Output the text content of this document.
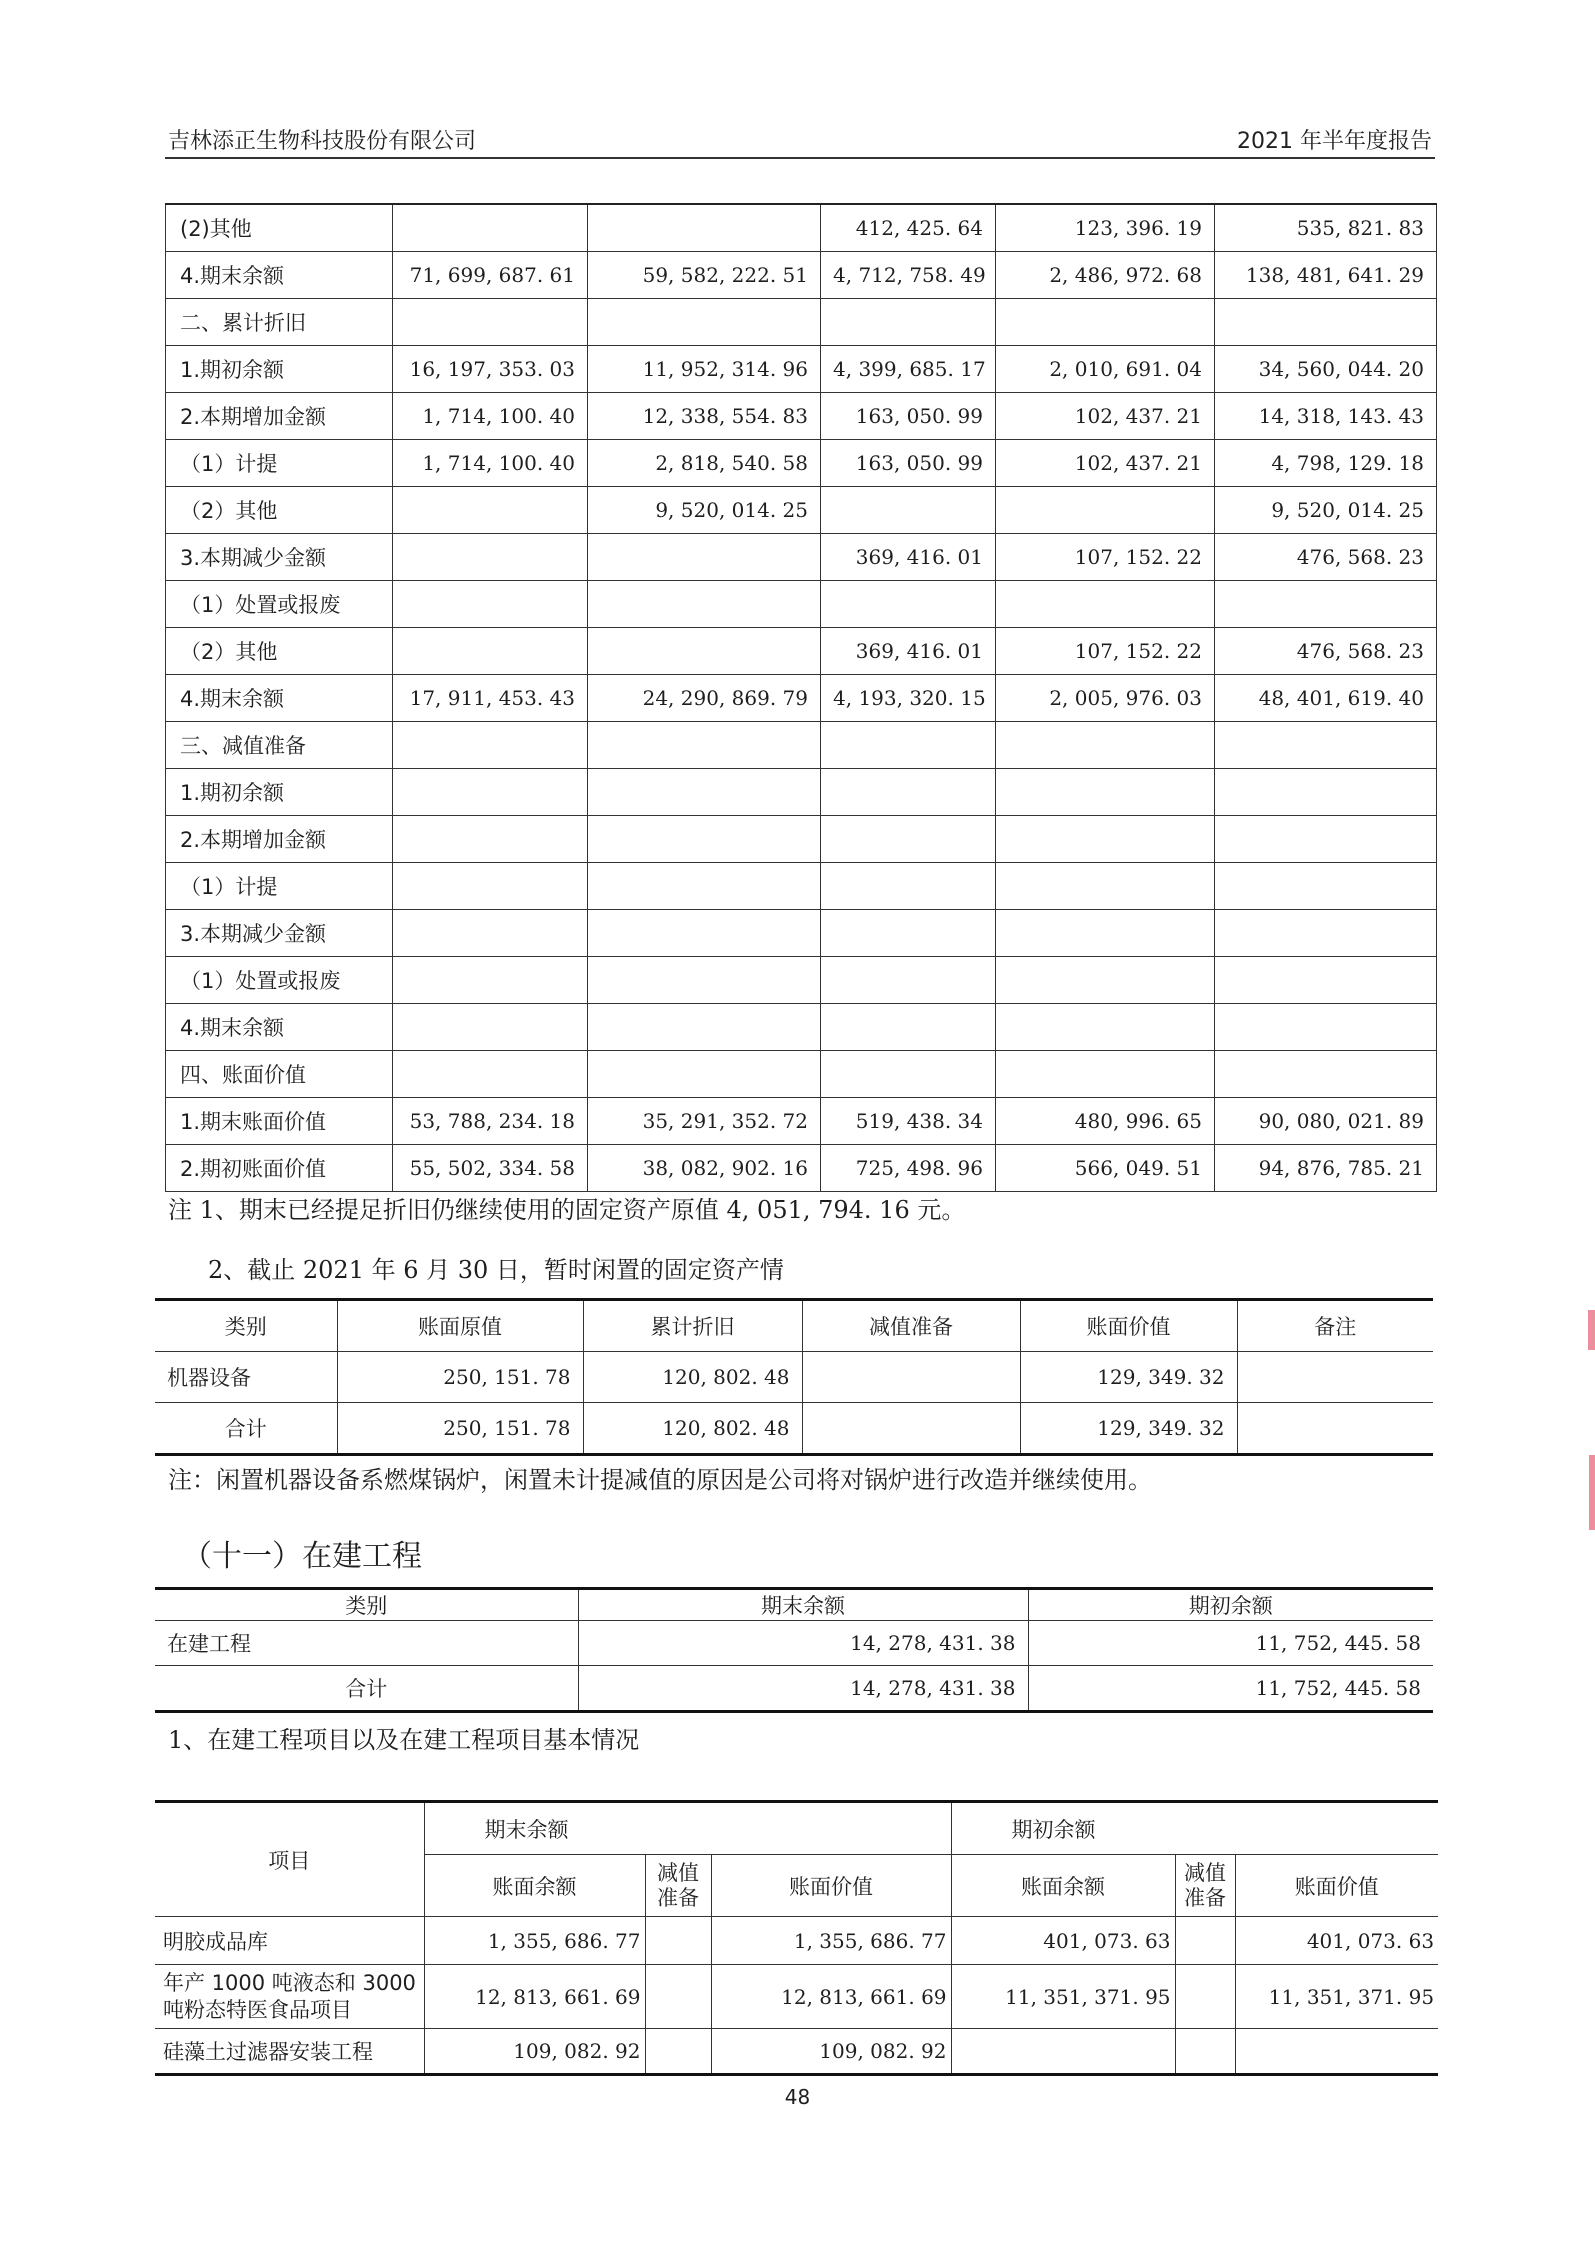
吉林添正生物科技股份有限公司	2021 年半年度报告
(2)其他			412, 425. 64	123, 396. 19	535, 821. 83
4.期末余额	71, 699, 687. 61	59, 582, 222. 51	4, 712, 758. 49	2, 486, 972. 68	138, 481, 641. 29
二、累计折旧					
1.期初余额	16, 197, 353. 03	11, 952, 314. 96	4, 399, 685. 17	2, 010, 691. 04	34, 560, 044. 20
2.本期增加金额	1, 714, 100. 40	12, 338, 554. 83	163, 050. 99	102, 437. 21	14, 318, 143. 43
（1）计提	1, 714, 100. 40	2, 818, 540. 58	163, 050. 99	102, 437. 21	4, 798, 129. 18
（2）其他		9, 520, 014. 25			9, 520, 014. 25
3.本期减少金额			369, 416. 01	107, 152. 22	476, 568. 23
（1）处置或报废					
（2）其他			369, 416. 01	107, 152. 22	476, 568. 23
4.期末余额	17, 911, 453. 43	24, 290, 869. 79	4, 193, 320. 15	2, 005, 976. 03	48, 401, 619. 40
三、减值准备					
1.期初余额					
2.本期增加金额					
（1）计提					
3.本期减少金额					
（1）处置或报废					
4.期末余额					
四、账面价值					
1.期末账面价值	53, 788, 234. 18	35, 291, 352. 72	519, 438. 34	480, 996. 65	90, 080, 021. 89
2.期初账面价值	55, 502, 334. 58	38, 082, 902. 16	725, 498. 96	566, 049. 51	94, 876, 785. 21
注 1、期末已经提足折旧仍继续使用的固定资产原值 4, 051, 794. 16 元。
2、截止 2021 年 6 月 30 日，暂时闲置的固定资产情
类别	账面原值	累计折旧	减值准备	账面价值	备注
机器设备	250, 151. 78	120, 802. 48		129, 349. 32	
合计	250, 151. 78	120, 802. 48		129, 349. 32	
注：闲置机器设备系燃煤锅炉，闲置未计提减值的原因是公司将对锅炉进行改造并继续使用。
（十一）在建工程
类别	期末余额	期初余额
在建工程	14, 278, 431. 38	11, 752, 445. 58
合计	14, 278, 431. 38	11, 752, 445. 58
1、在建工程项目以及在建工程项目基本情况
项目	期末余额			期初余额		
	账面余额	减值准备	账面价值	账面余额	减值准备	账面价值
明胶成品库	1, 355, 686. 77		1, 355, 686. 77	401, 073. 63		401, 073. 63
年产 1000 吨液态和 3000 吨粉态特医食品项目	12, 813, 661. 69		12, 813, 661. 69	11, 351, 371. 95		11, 351, 371. 95
硅藻土过滤器安装工程	109, 082. 92		109, 082. 92			
48
